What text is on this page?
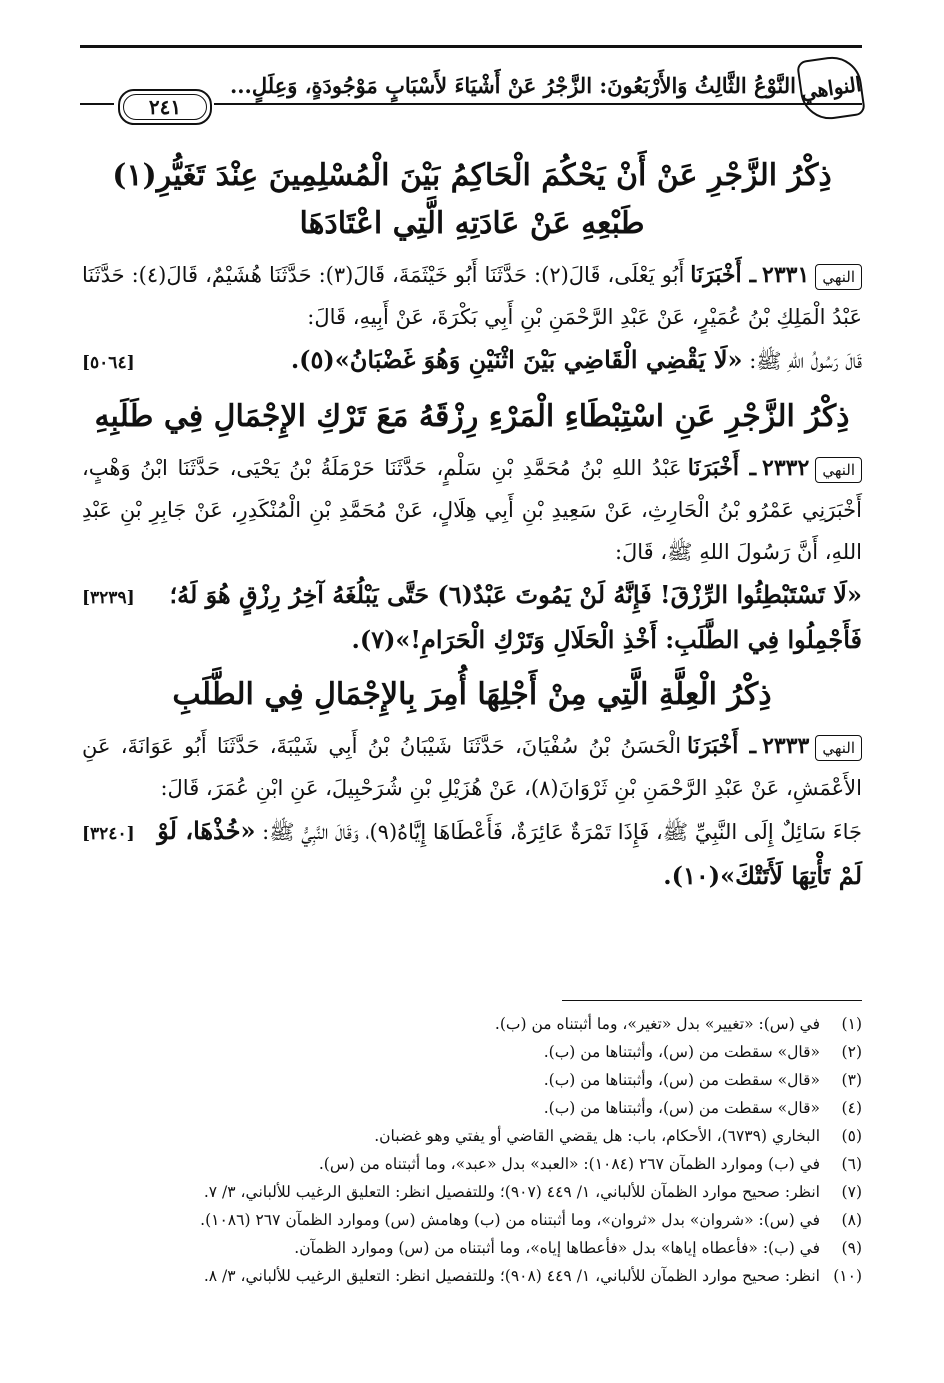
النواهي
النَّوْعُ الثَّالِثُ وَالأَرْبَعُونَ: الزَّجْرُ عَنْ أَشْيَاءَ لأَسْبَابٍ مَوْجُودَةٍ، وَعِلَلٍ...
٢٤١
ذِكْرُ الزَّجْرِ عَنْ أَنْ يَحْكُمَ الْحَاكِمُ بَيْنَ الْمُسْلِمِينَ عِنْدَ تَغَيُّرِ(١) طَبْعِهِ عَنْ عَادَتِهِ الَّتِي اعْتَادَهَا
النهي٢٣٣١ـ أَخْبَرَنَاأَبُو يَعْلَى، قَالَ(٢): حَدَّثَنَا أَبُو خَيْثَمَةَ، قَالَ(٣): حَدَّثَنَا هُشَيْمٌ، قَالَ(٤): حَدَّثَنَا عَبْدُ الْمَلِكِ بْنُ عُمَيْرٍ، عَنْ عَبْدِ الرَّحْمَنِ بْنِ أَبِي بَكْرَةَ، عَنْ أَبِيهِ، قَالَ:
قَالَ رَسُولُ اللهِ ﷺ: «لَا يَقْضِي الْقَاضِي بَيْنَ اثْنَيْنِ وَهُوَ غَضْبَانُ»(٥).
[٥٠٦٤]
ذِكْرُ الزَّجْرِ عَنِ اسْتِبْطَاءِ الْمَرْءِ رِزْقَهُ مَعَ تَرْكِ الإِجْمَالِ فِي طَلَبِهِ
النهي٢٣٣٢ـ أَخْبَرَنَاعَبْدُ اللهِ بْنُ مُحَمَّدِ بْنِ سَلْمٍ، حَدَّثَنَا حَرْمَلَةُ بْنُ يَحْيَى، حَدَّثَنَا ابْنُ وَهْبٍ، أَخْبَرَنِي عَمْرُو بْنُ الْحَارِثِ، عَنْ سَعِيدِ بْنِ أَبِي هِلَالٍ، عَنْ مُحَمَّدِ بْنِ الْمُنْكَدِرِ، عَنْ جَابِرِ بْنِ عَبْدِ اللهِ، أَنَّ رَسُولَ اللهِ ﷺ، قَالَ:
«لَا تَسْتَبْطِئُوا الرِّزْقَ! فَإِنَّهُ لَنْ يَمُوتَ عَبْدٌ(٦) حَتَّى يَبْلُغَهُ آخِرُ رِزْقٍ هُوَ لَهُ؛ فَأَجْمِلُوا فِي الطَّلَبِ: أَخْذِ الْحَلَالِ وَتَرْكِ الْحَرَامِ!»(٧).
[٣٢٣٩]
ذِكْرُ الْعِلَّةِ الَّتِي مِنْ أَجْلِهَا أُمِرَ بِالإِجْمَالِ فِي الطَّلَبِ
النهي٢٣٣٣ـ أَخْبَرَنَاالْحَسَنُ بْنُ سُفْيَانَ، حَدَّثَنَا شَيْبَانُ بْنُ أَبِي شَيْبَةَ، حَدَّثَنَا أَبُو عَوَانَةَ، عَنِ الأَعْمَشِ، عَنْ عَبْدِ الرَّحْمَنِ بْنِ ثَرْوَانَ(٨)، عَنْ هُزَيْلِ بْنِ شُرَحْبِيلَ، عَنِ ابْنِ عُمَرَ، قَالَ:
جَاءَ سَائِلٌ إِلَى النَّبِيِّ ﷺ، فَإِذَا تَمْرَةٌ عَائِرَةٌ، فَأَعْطَاهَا إِيَّاهُ(٩)، وَقَالَ النَّبِيُّ ﷺ: «خُذْهَا، لَوْ لَمْ تَأْتِهَا لَأَتَتْكَ»(١٠).
[٣٢٤٠]
(١)
في (س): «تغيير» بدل «تغير»، وما أثبتناه من (ب).
(٢)
«قال» سقطت من (س)، وأثبتناها من (ب).
(٣)
«قال» سقطت من (س)، وأثبتناها من (ب).
(٤)
«قال» سقطت من (س)، وأثبتناها من (ب).
(٥)
البخاري (٦٧٣٩)، الأحكام، باب: هل يقضي القاضي أو يفتي وهو غضبان.
(٦)
في (ب) وموارد الظمآن ٢٦٧ (١٠٨٤): «العبد» بدل «عبد»، وما أثبتناه من (س).
(٧)
انظر: صحيح موارد الظمآن للألباني، ١/ ٤٤٩ (٩٠٧)؛ وللتفصيل انظر: التعليق الرغيب للألباني، ٣/ ٧.
(٨)
في (س): «شروان» بدل «ثروان»، وما أثبتناه من (ب) وهامش (س) وموارد الظمآن ٢٦٧ (١٠٨٦).
(٩)
في (ب): «فأعطاه إياها» بدل «فأعطاها إياه»، وما أثبتناه من (س) وموارد الظمآن.
(١٠)
انظر: صحيح موارد الظمآن للألباني، ١/ ٤٤٩ (٩٠٨)؛ وللتفصيل انظر: التعليق الرغيب للألباني، ٣/ ٨.
